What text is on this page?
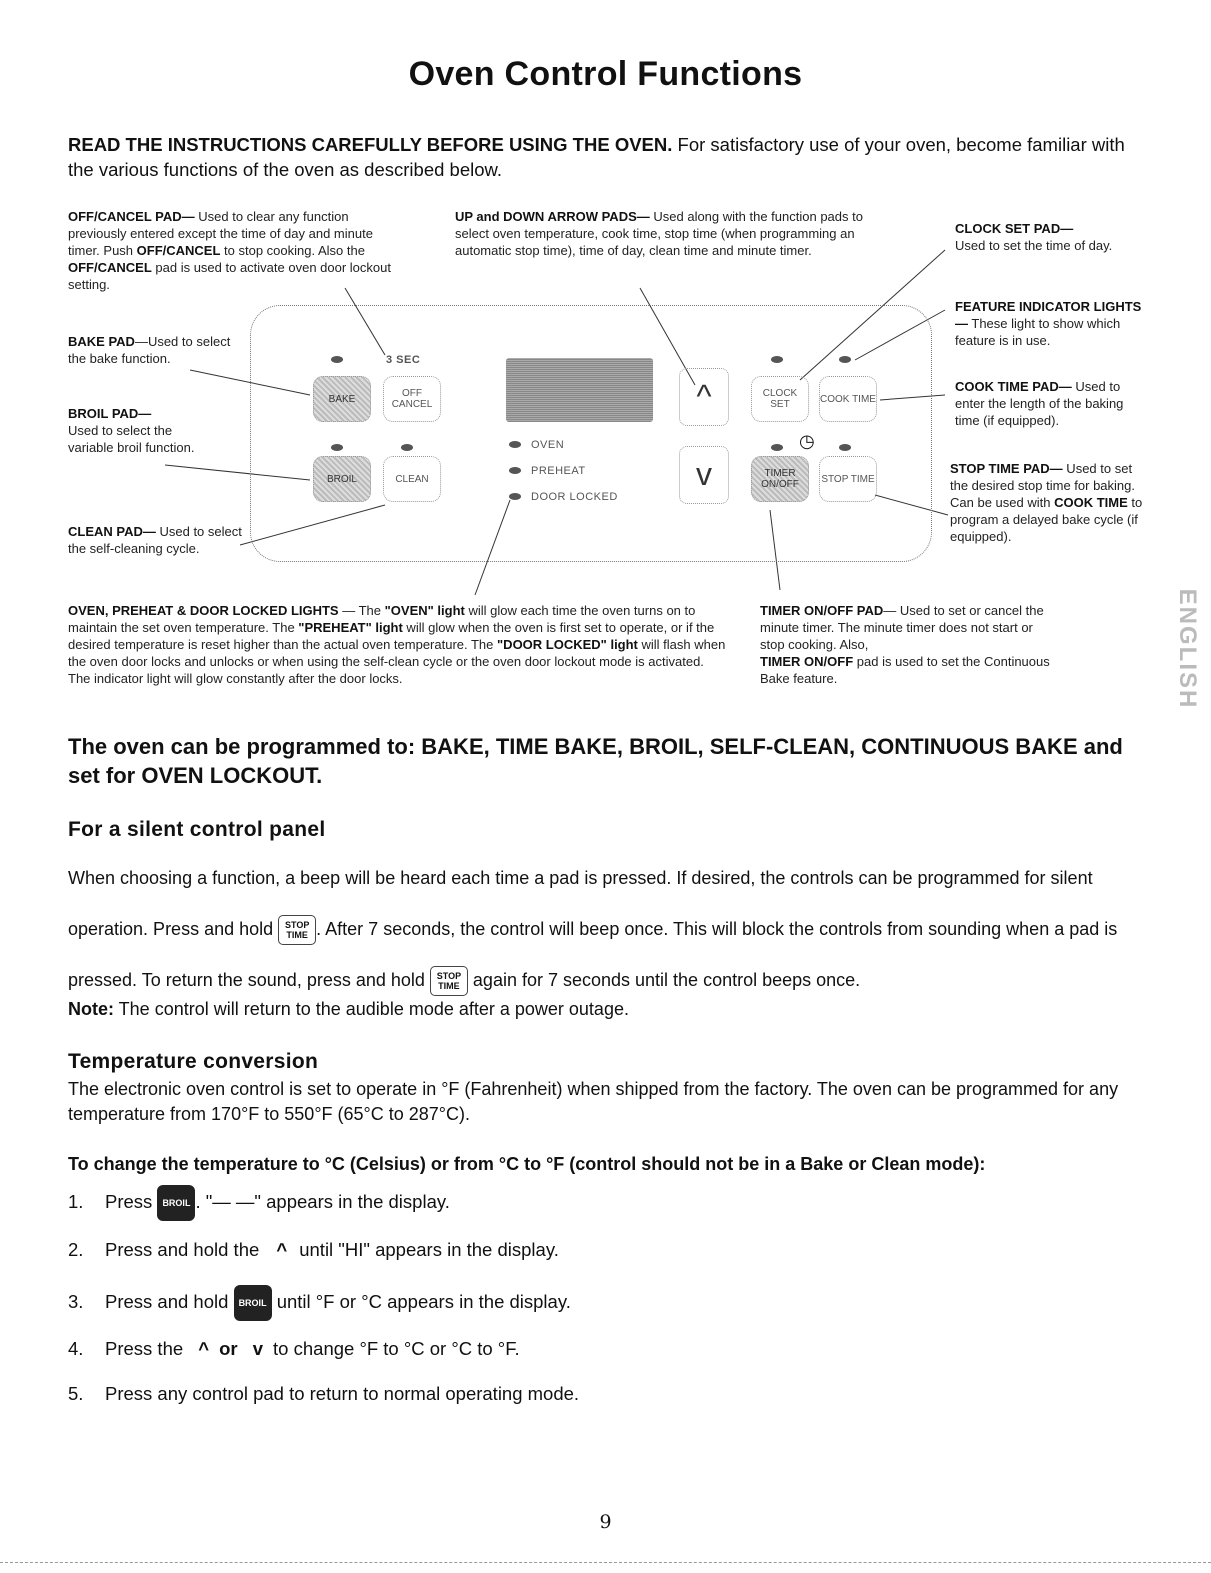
Oven Control Functions
READ THE INSTRUCTIONS CAREFULLY BEFORE USING THE OVEN. For satisfactory use of your oven, become familiar with the various functions of the oven as described below.
OFF/CANCEL PAD— Used to clear any function previously entered except the time of day and minute timer. Push OFF/CANCEL to stop cooking. Also the OFF/CANCEL pad is used to activate oven door lockout setting.
UP and DOWN ARROW PADS— Used along with the function pads to select oven temperature, cook time, stop time (when programming an automatic stop time), time of day, clean time and minute timer.
CLOCK SET PAD—
Used to set the time of day.
FEATURE INDICATOR LIGHTS— These light to show which feature is in use.
COOK TIME PAD— Used to enter the length of the baking time (if equipped).
STOP TIME PAD— Used to set the desired stop time for baking. Can be used with COOK TIME to program a delayed bake cycle (if equipped).
BAKE PAD—Used to select the bake function.
BROIL PAD—
Used to select the variable broil function.
CLEAN PAD— Used to select the self-cleaning cycle.
OVEN, PREHEAT & DOOR LOCKED LIGHTS — The "OVEN" light will glow each time the oven turns on to maintain the set oven temperature. The "PREHEAT" light will glow when the oven is first set to operate, or if the desired temperature is reset higher than the actual oven temperature. The "DOOR LOCKED" light will flash when the oven door locks and unlocks or when using the self-clean cycle or the oven door lockout mode is activated. The indicator light will glow constantly after the door locks.
TIMER ON/OFF PAD— Used to set or cancel the minute timer. The minute timer does not start or stop cooking. Also,
TIMER ON/OFF pad is used to set the Continuous Bake feature.
3 SEC
BAKE	OFF CANCEL
BROIL	CLEAN
OVEN
PREHEAT
DOOR LOCKED
^
v
CLOCK SET	COOK TIME
◷
TIMER ON/OFF	STOP TIME
The oven can be programmed to: BAKE, TIME BAKE, BROIL, SELF-CLEAN, CONTINUOUS BAKE and set for OVEN LOCKOUT.
For a silent control panel
When choosing a function, a beep will be heard each time a pad is pressed. If desired, the controls can be programmed for silent operation. Press and hold STOP TIME . After 7 seconds, the control will beep once. This will block the controls from sounding when a pad is pressed. To return the sound, press and hold STOP TIME again for 7 seconds until the control beeps once.
Note: The control will return to the audible mode after a power outage.
Temperature conversion
The electronic oven control is set to operate in °F (Fahrenheit) when shipped from the factory. The oven can be programmed for any temperature from 170°F to 550°F (65°C to 287°C).
To change the temperature to °C (Celsius) or from °C to °F (control should not be in a Bake or Clean mode):
1. Press BROIL . "— —" appears in the display.
2. Press and hold the ^ until "HI" appears in the display.
3. Press and hold BROIL until °F or °C appears in the display.
4. Press the ^ or v to change °F to °C or °C to °F.
5. Press any control pad to return to normal operating mode.
ENGLISH
9
